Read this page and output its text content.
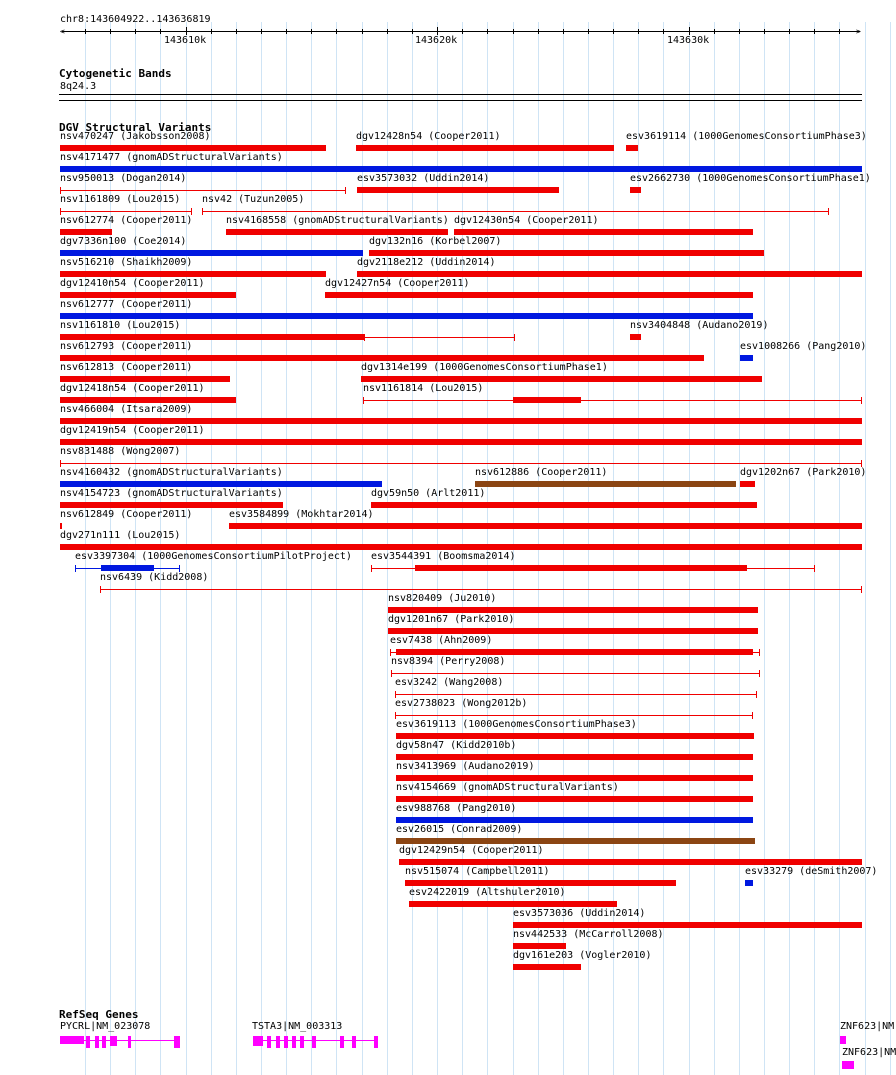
chr8:143604922..143636819
<	>
143610k	143620k	143630k
Cytogenetic Bands
8q24.3
DGV Structural Variants
nsv470247 (Jakobsson2008)	dgv12428n54 (Cooper2011)	esv3619114 (1000GenomesConsortiumPhase3)
nsv4171477 (gnomADStructuralVariants)
nsv950013 (Dogan2014)	esv3573032 (Uddin2014)	esv2662730 (1000GenomesConsortiumPhase1)
nsv1161809 (Lou2015) nsv42 (Tuzun2005)
nsv612774 (Cooper2011)	nsv4168558 (gnomADStructuralVariants) dgv12430n54 (Cooper2011)
dgv7336n100 (Coe2014)	dgv132n16 (Korbel2007)
nsv516210 (Shaikh2009)	dgv2118e212 (Uddin2014)
dgv12410n54 (Cooper2011)	dgv12427n54 (Cooper2011)
nsv612777 (Cooper2011)
nsv1161810 (Lou2015)	nsv3404848 (Audano2019)
nsv612793 (Cooper2011)	esv1008266 (Pang2010)
nsv612813 (Cooper2011)	dgv1314e199 (1000GenomesConsortiumPhase1)
dgv12418n54 (Cooper2011)	nsv1161814 (Lou2015)
nsv466004 (Itsara2009)
dgv12419n54 (Cooper2011)
nsv831488 (Wong2007)
nsv4160432 (gnomADStructuralVariants)	nsv612886 (Cooper2011)	dgv1202n67 (Park2010)
nsv4154723 (gnomADStructuralVariants)	dgv59n50 (Arlt2011)
nsv612849 (Cooper2011)	esv3584899 (Mokhtar2014)
dgv271n111 (Lou2015)
esv3397304 (1000GenomesConsortiumPilotProject) esv3544391 (Boomsma2014)
nsv6439 (Kidd2008)
nsv820409 (Ju2010)
dgv1201n67 (Park2010)
esv7438 (Ahn2009)
nsv8394 (Perry2008)
esv3242 (Wang2008)
esv2738023 (Wong2012b)
esv3619113 (1000GenomesConsortiumPhase3)
dgv58n47 (Kidd2010b)
nsv3413969 (Audano2019)
nsv4154669 (gnomADStructuralVariants)
esv988768 (Pang2010)
esv26015 (Conrad2009)
dgv12429n54 (Cooper2011)
nsv515074 (Campbell2011)	esv33279 (deSmith2007)
esv2422019 (Altshuler2010)
esv3573036 (Uddin2014)
nsv442533 (McCarroll2008)
dgv161e203 (Vogler2010)
RefSeq Genes
PYCRL|NM_023078	TSTA3|NM_003313	ZNF623|NM
ZNF623|NM
